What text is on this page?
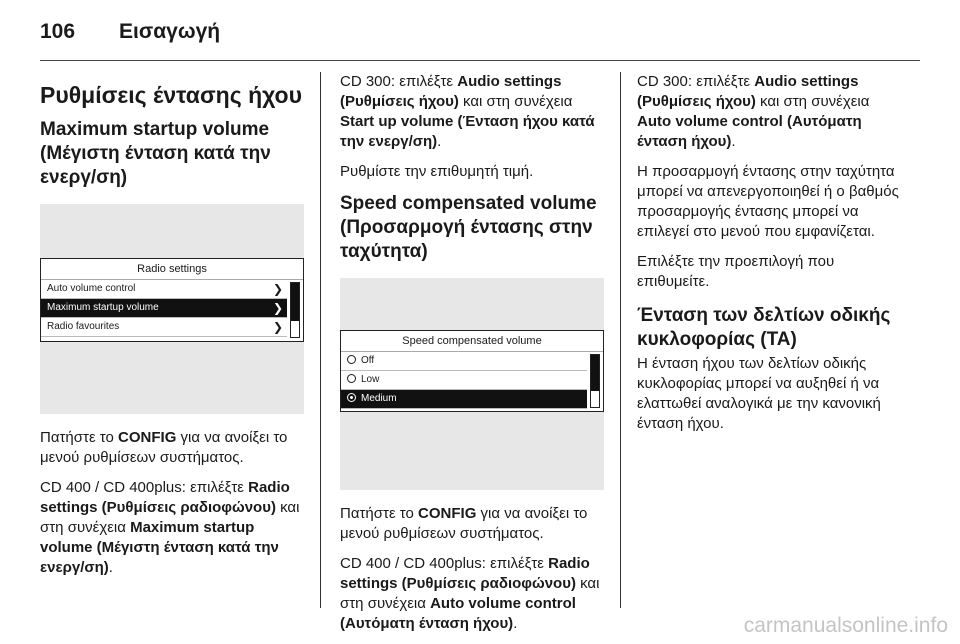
106 Εισαγωγή
Ρυθμίσεις έντασης ήχου
Maximum startup volume (Μέγιστη ένταση κατά την ενεργ/ση)
Radio settings
Auto volume control	❯
Maximum startup volume	❯
Radio favourites	❯

Πατήστε το CONFIG για να ανοίξει το μενού ρυθμίσεων συστήματος.

CD 400 / CD 400plus: επιλέξτε Radio settings (Ρυθμίσεις ραδιοφώνου) και στη συνέχεια Maximum startup volume (Μέγιστη ένταση κατά την ενεργ/ση).

CD 300: επιλέξτε Audio settings (Ρυθμίσεις ήχου) και στη συνέχεια Start up volume (Ένταση ήχου κατά την ενεργ/ση).

Ρυθμίστε την επιθυμητή τιμή.

Speed compensated volume (Προσαρμογή έντασης στην ταχύτητα)
Speed compensated volume
Off
Low
Medium

Πατήστε το CONFIG για να ανοίξει το μενού ρυθμίσεων συστήματος.

CD 400 / CD 400plus: επιλέξτε Radio settings (Ρυθμίσεις ραδιοφώνου) και στη συνέχεια Auto volume control (Αυτόματη ένταση ήχου).

CD 300: επιλέξτε Audio settings (Ρυθμίσεις ήχου) και στη συνέχεια Auto volume control (Αυτόματη ένταση ήχου).

Η προσαρμογή έντασης στην ταχύτητα μπορεί να απενεργοποιηθεί ή ο βαθμός προσαρμογής έντασης μπορεί να επιλεγεί στο μενού που εμφανίζεται.

Επιλέξτε την προεπιλογή που επιθυμείτε.

Ένταση των δελτίων οδικής κυκλοφορίας (TA)

Η ένταση ήχου των δελτίων οδικής κυκλοφορίας μπορεί να αυξηθεί ή να ελαττωθεί αναλογικά με την κανονική ένταση ήχου.

carmanualsonline.info
